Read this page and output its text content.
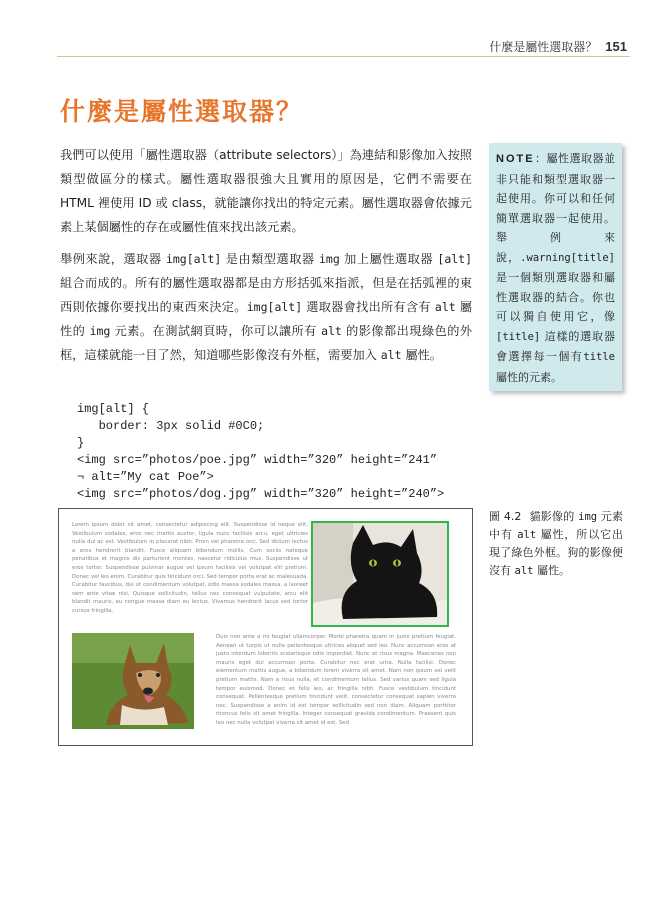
什麼是屬性選取器？ 151
什麼是屬性選取器？

我們可以使用「屬性選取器（attribute selectors）」為連結和影像加入按照類型做區分的樣式。屬性選取器很強大且實用的原因是，它們不需要在 HTML 裡使用 ID 或 class，就能讓你找出的特定元素。屬性選取器會依據元素上某個屬性的存在或屬性值來找出該元素。

舉例來說，選取器 img[alt] 是由類型選取器 img 加上屬性選取器 [alt] 組合而成的。所有的屬性選取器都是由方形括弧來指派，但是在括弧裡的東西則依據你要找出的東西來決定。img[alt] 選取器會找出所有含有 alt 屬性的 img 元素。在測試網頁時，你可以讓所有 alt 的影像都出現綠色的外框，這樣就能一目了然，知道哪些影像沒有外框，需要加入 alt 屬性。

img[alt] {
border: 3px solid #0C0;
}
<img src=”photos/poe.jpg” width=”320” height=”241”
¬ alt=”My cat Poe”>
<img src=”photos/dog.jpg” width=”320” height=”240”>
NOTE：屬性選取器並非只能和類型選取器一起使用。你可以和任何簡單選取器一起使用。舉例來說，.warning[title] 是一個類別選取器和屬性選取器的結合。你也可以獨自使用它，像 [title] 這樣的選取器會選擇每一個有title屬性的元素。
Lorem ipsum dolor sit amet, consectetur adipiscing elit. Suspendisse id neque elit. Vestibulum sodales, eros nec mattis auctor, ligula nunc facilisis arcu, eget ultricies nulla dui ac est. Vestibulum in placerat nibh. Proin vel pharetra orci. Sed dictum lectus a eros hendrerit blandit. Fusce aliquam bibendum mollis. Cum sociis natoque penatibus et magnis dis parturient montes, nascetur ridiculus mus. Suspendisse ut eros tortor. Suspendisse pulvinar augue vel ipsum facilisis vel volutpat elit pretium. Donec vel leo enim. Curabitur quis tincidunt orci. Sed tempor porta erat ac malesuada. Curabitur faucibus, dui ut condimentum volutpat, odio massa sodales massa, a laoreet sem ante vitae nisi. Quisque sollicitudin, tellus nec consequat vulputate, arcu elit blandit mauris, eu congue massa diam eu lectus. Vivamus hendrerit lacus sed tortor cursus fringilla.
Duis non ante a mi feugiat ullamcorper. Morbi pharetra quam in justo pretium feugiat. Aenean ut turpis ut nulla pellentesque ultrices aliquet sed leo. Nunc accumsan eros at justo interdum lobortis scelerisque odio imperdiet. Nunc at risus magna. Maecenas non mauris eget dui accumsan porta. Curabitur nec erat urna. Nulla facilisi. Donec elementum mattis augue, a bibendum lorem viverra sit amet. Nam non ipsum vel velit pretium mattis. Nam a risus nulla, et condimentum tellus. Sed varius quam sed ligula tempor euismod. Donec et felis leo, ac fringilla nibh. Fusce vestibulum tincidunt consequat. Pellentesque pretium tincidunt velit, consectetur consequat sapien viverra nec. Suspendisse a enim id est tempor sollicitudin sed non diam. Aliquam porttitor rhoncus felis sit amet fringilla. Integer consequat gravida condimentum. Praesent quis leo nec nulla volutpat viverra sit amet id est. Sed

圖 4.2 貓影像的 img 元素中有 alt 屬性，所以它出現了綠色外框。狗的影像便沒有 alt 屬性。
